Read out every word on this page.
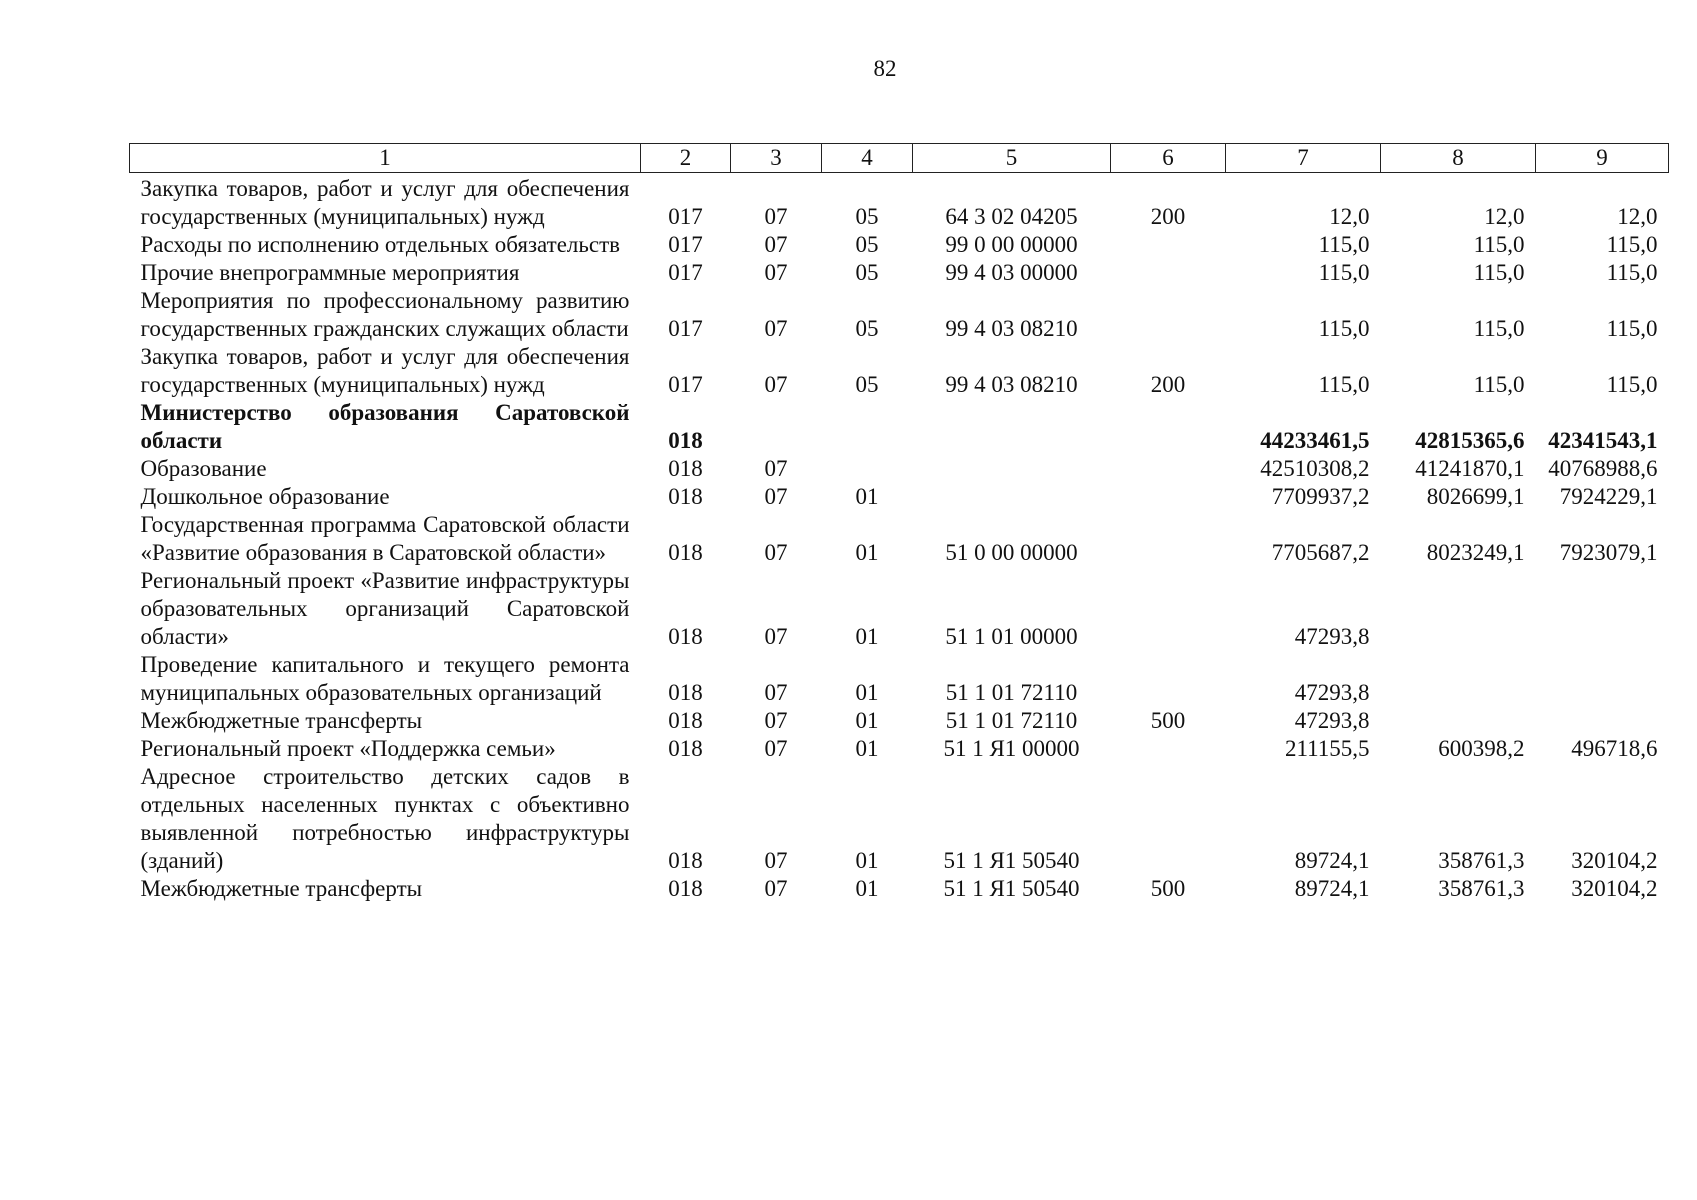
82
1	2	3	4	5	6	7	8	9
Закупка товаров, работ и услуг для обеспечения государственных (муниципальных) нужд	017	07	05	64 3 02 04205	200	12,0	12,0	12,0
Расходы по исполнению отдельных обязательств	017	07	05	99 0 00 00000		115,0	115,0	115,0
Прочие внепрограммные мероприятия	017	07	05	99 4 03 00000		115,0	115,0	115,0
Мероприятия по профессиональному развитию государственных гражданских служащих области	017	07	05	99 4 03 08210		115,0	115,0	115,0
Закупка товаров, работ и услуг для обеспечения государственных (муниципальных) нужд	017	07	05	99 4 03 08210	200	115,0	115,0	115,0
Министерство образования Саратовской области	018					44233461,5	42815365,6	42341543,1
Образование	018	07				42510308,2	41241870,1	40768988,6
Дошкольное образование	018	07	01			7709937,2	8026699,1	7924229,1
Государственная программа Саратовской области «Развитие образования в Саратовской области»	018	07	01	51 0 00 00000		7705687,2	8023249,1	7923079,1
Региональный проект «Развитие инфраструктуры образовательных организаций Саратовской области»	018	07	01	51 1 01 00000		47293,8		
Проведение капитального и текущего ремонта муниципальных образовательных организаций	018	07	01	51 1 01 72110		47293,8		
Межбюджетные трансферты	018	07	01	51 1 01 72110	500	47293,8		
Региональный проект «Поддержка семьи»	018	07	01	51 1 Я1 00000		211155,5	600398,2	496718,6
Адресное строительство детских садов в отдельных населенных пунктах с объективно выявленной потребностью инфраструктуры (зданий)	018	07	01	51 1 Я1 50540		89724,1	358761,3	320104,2
Межбюджетные трансферты	018	07	01	51 1 Я1 50540	500	89724,1	358761,3	320104,2
